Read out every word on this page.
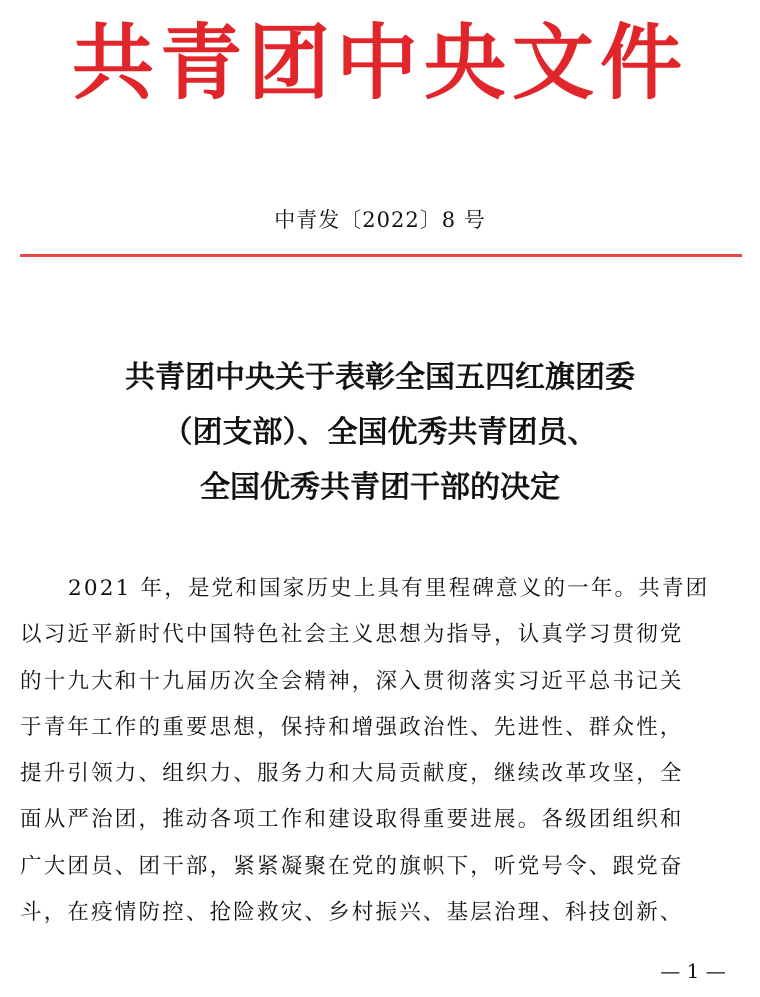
共青团中央文件
中青发〔2022〕8 号
共青团中央关于表彰全国五四红旗团委
（团支部）、全国优秀共青团员、
全国优秀共青团干部的决定
2021 年，是党和国家历史上具有里程碑意义的一年。共青团
以习近平新时代中国特色社会主义思想为指导，认真学习贯彻党
的十九大和十九届历次全会精神，深入贯彻落实习近平总书记关
于青年工作的重要思想，保持和增强政治性、先进性、群众性，
提升引领力、组织力、服务力和大局贡献度，继续改革攻坚，全
面从严治团，推动各项工作和建设取得重要进展。各级团组织和
广大团员、团干部，紧紧凝聚在党的旗帜下，听党号令、跟党奋
斗，在疫情防控、抢险救灾、乡村振兴、基层治理、科技创新、
— 1 —
